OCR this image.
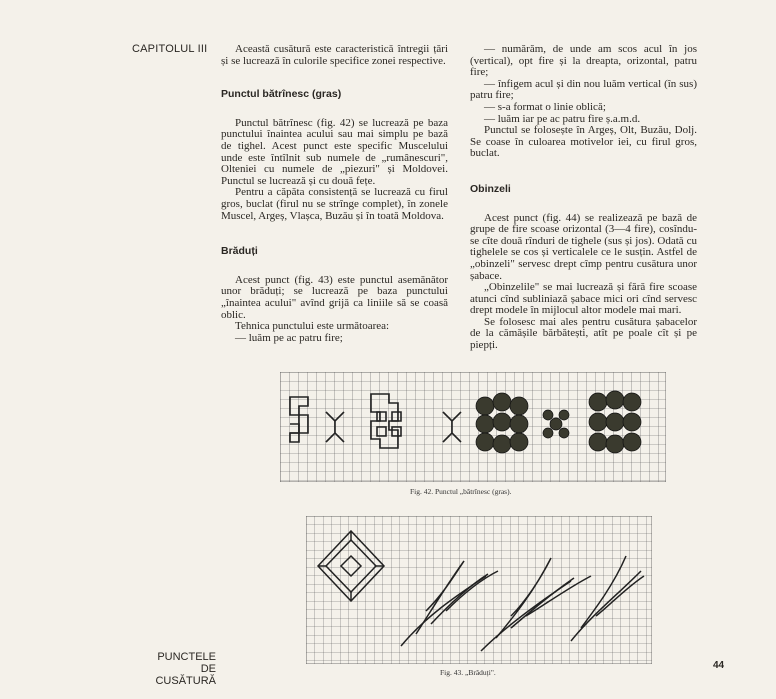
CAPITOLUL III
PUNCTELE
DE CUSĂTURĂ

Această cusătură este caracteristică întregii țări și se lucrează în culorile specifice zonei respective.

Punctul bătrînesc (gras)

Punctul bătrînesc (fig. 42) se lucrează pe baza punctului înaintea acului sau mai simplu pe bază de tighel. Acest punct este specific Muscelului unde este întîlnit sub numele de „rumânescuri", Olteniei cu numele de „piezuri" și Moldovei. Punctul se lucrează și cu două fețe.

Pentru a căpăta consistență se lucrează cu firul gros, buclat (firul nu se strînge complet), în zonele Muscel, Argeș, Vlașca, Buzău și în toată Moldova.

Brăduți

Acest punct (fig. 43) este punctul asemănător unor brăduți; se lucrează pe baza punctului „înaintea acului" avînd grijă ca liniile să se coasă oblic.

Tehnica punctului este următoarea:

— luăm pe ac patru fire;

— numărăm, de unde am scos acul în jos (vertical), opt fire și la dreapta, orizontal, patru fire;

— înfigem acul și din nou luăm vertical (în sus) patru fire;

— s-a format o linie oblică;

— luăm iar pe ac patru fire ș.a.m.d.

Punctul se folosește în Argeș, Olt, Buzău, Dolj. Se coase în culoarea motivelor iei, cu firul gros, buclat.

Obinzeli

Acest punct (fig. 44) se realizează pe bază de grupe de fire scoase orizontal (3—4 fire), cosîndu-se cîte două rînduri de tighele (sus și jos). Odată cu tighelele se cos și verticalele ce le susțin. Astfel de „obinzeli" servesc drept cîmp pentru cusătura unor șabace.

„Obinzelile" se mai lucrează și fără fire scoase atunci cînd subliniază șabace mici ori cînd servesc drept modele în mijlocul altor modele mai mari.

Se folosesc mai ales pentru cusătura șabacelor de la cămășile bărbătești, atît pe poale cît și pe piepți.

Fig. 42. Punctul „bătrînesc (gras).
Fig. 43. „Brăduți".
44
